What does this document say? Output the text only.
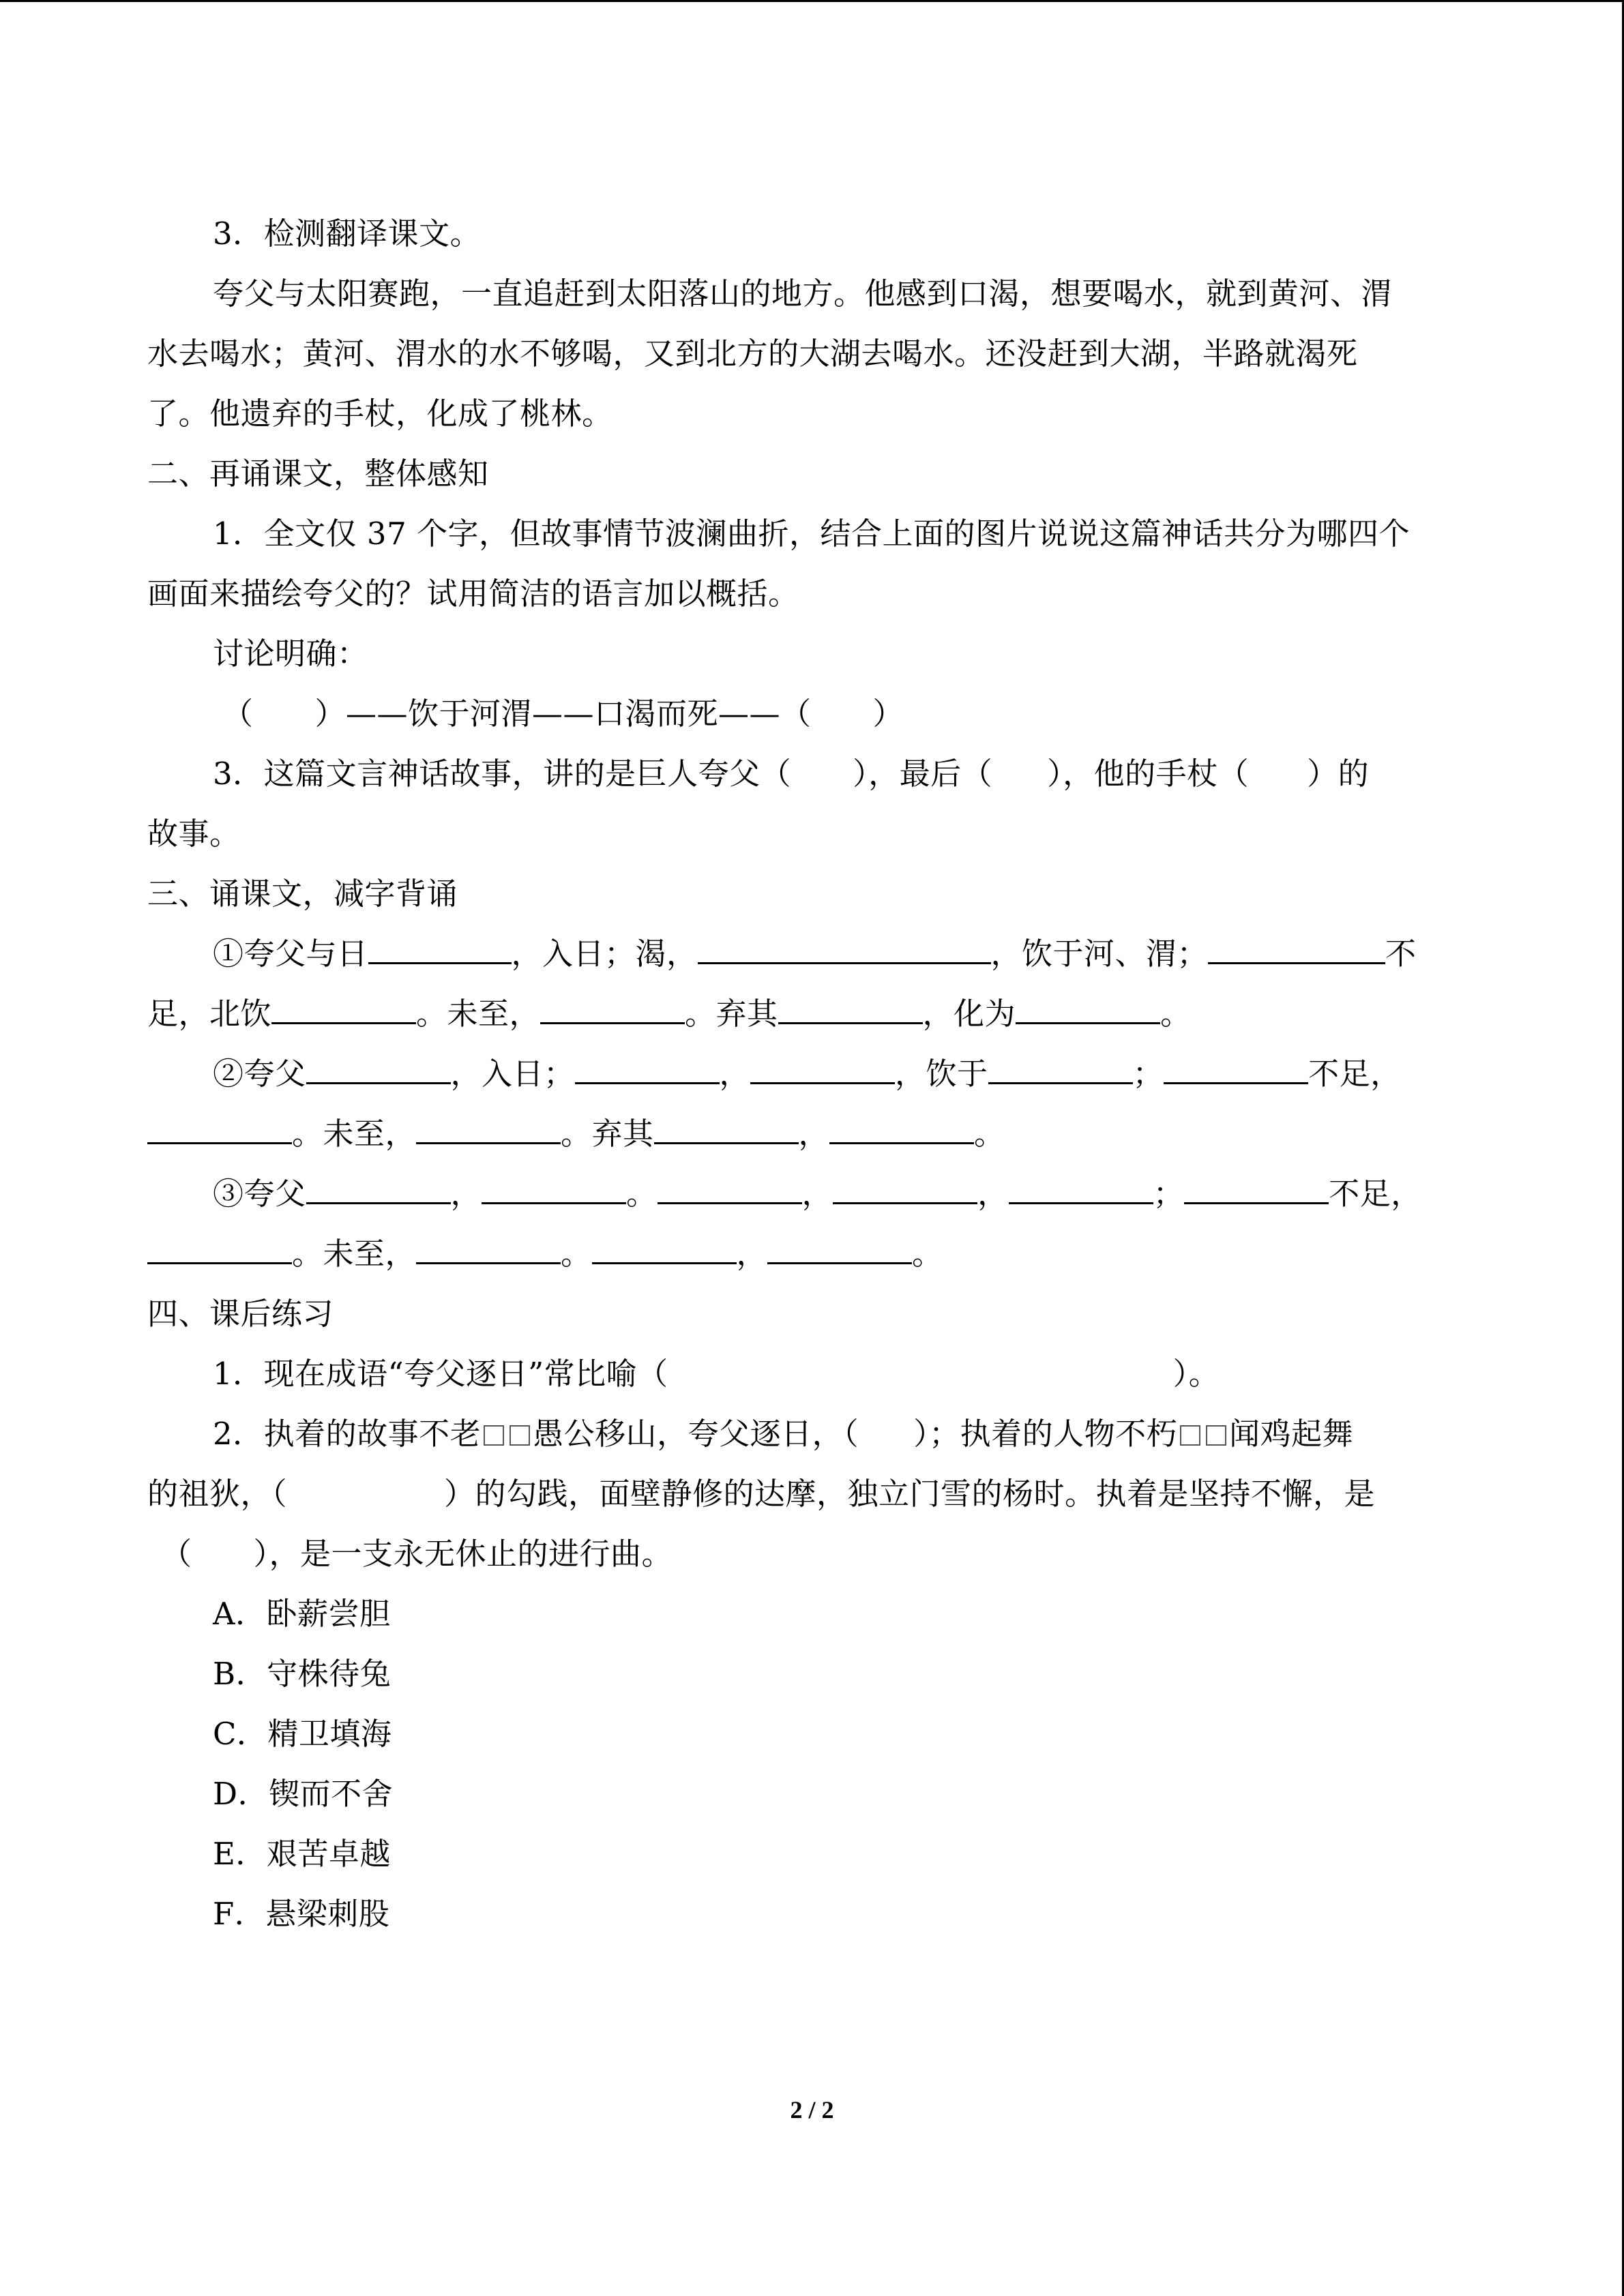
3．检测翻译课文。
夸父与太阳赛跑，一直追赶到太阳落山的地方。他感到口渴，想要喝水，就到黄河、渭
水去喝水；黄河、渭水的水不够喝，又到北方的大湖去喝水。还没赶到大湖，半路就渴死
了。他遗弃的手杖，化成了桃林。
二、再诵课文，整体感知
1．全文仅 37 个字，但故事情节波澜曲折，结合上面的图片说说这篇神话共分为哪四个
画面来描绘夸父的？试用简洁的语言加以概括。
讨论明确：
（ ）——饮于河渭——口渴而死——（ ）
3．这篇文言神话故事，讲的是巨人夸父（ ），最后（ ），他的手杖（ ）的
故事。
三、诵课文，减字背诵
①夸父与日	，入日；渴，	，饮于河、渭；	不
足，北饮	。未至，	。弃其	，化为	。
②夸父	，入日；	，	，饮于	；	不足，
。未至，	。弃其	，	。
③夸父	，	。	，	，	；	不足，
。未至，	。	，	。
四、课后练习
1．现在成语“夸父逐日”常比喻（	）。
2．执着的故事不老 愚公移山，夸父逐日，（ ）；执着的人物不朽 闻鸡起舞
的祖狄，（	）的勾践，面壁静修的达摩，独立门雪的杨时。执着是坚持不懈，是
（ ），是一支永无休止的进行曲。
A．卧薪尝胆
B．守株待兔
C．精卫填海
D．锲而不舍
E．艰苦卓越
F．悬梁刺股
2 / 2
